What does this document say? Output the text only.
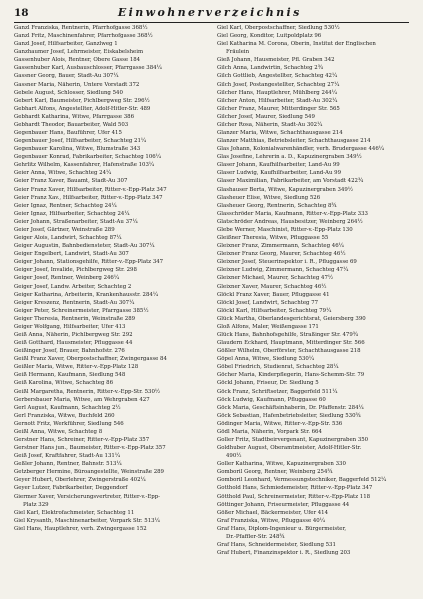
18	Einwohnerverzeichnis
Ganzl Franziska, Rentnerin, Pfarrhofgasse 368½
Ganzl Fritz, Maschinenfahrer, Pfarrhofgasse 368½
Ganzl Josef, Hilfsarbeiter, Ganzlweg 1
Ganzhaumer Josef, Lehrmeister, Eiskabelsheim
Gassenhuber Alois, Rentner, Obere Gasse 184
Gassenhuber Karl, Ausbauschlosser, Pfarrgasse 384¼
Gassner Georg, Bauer, Stadt-Au 307¼
Gassner Maria, Näherin, Untere Vorstadt 372
Gebele August, Schlosser, Siedlung 540
Gebert Karl, Baumeister, Pichlbergweg Str. 296½
Gebhart Alfons, Angestellter, Adolf-Hitler-Str. 489
Gebhardt Katharina, Witwe, Pfarrgasse 386
Gebhardt Theodor, Bauarbeiter, Wald 503
Gegenbauer Hans, Bauführer, Ufer 415
Gegenbauer Josef, Hilfsarbeiter, Schachteg 21¼
Gegenbauer Karolina, Witwe, Blumstraße 343
Gegenbauer Konrad, Fabrikarbeiter, Schachteg 106¼
Gehrlitz Wilhelm, Kassenfahrer, Hafenstraße 103¼
Geier Anna, Witwe, Schachteg 24¼
Geier Franz Xaver, Bauamt, Stadt-Au 307
Geier Franz Xaver, Hilfsarbeiter, Ritter-v.-Epp-Platz 347
Geier Franz Xav., Hilfsarbeiter, Ritter-v.-Epp-Platz 347
Geier Ignaz, Rentner, Schachteg 24¼
Geier Ignaz, Hilfsarbeiter, Schachteg 24¼
Geier Johann, Straßenarbeiter, Stadt-Au 37¼
Geier Josef, Gärtner, Weinstraße 289
Geiger Alois, Landwirt, Schachteg 87¼
Geiger Augustin, Bahnbediensteter, Stadt-Au 307¼
Geiger Engelbert, Landwirt, Stadt-Au 307
Geiger Johann, Stationsgehilfe, Ritter-v.-Epp-Platz 347
Geiger Josef, Invalide, Pichlbergweg Str. 298
Geiger Josef, Rentner, Weinberg 246¼
Geiger Josef, Landw. Arbeiter, Schachteg 2
Geiger Katharina, Arbeiterin, Krankenhausstr. 284¼
Geiger Kreszenz, Rentnerin, Stadt-Au 307¼
Geiger Peter, Schreinermeister, Pfarrgasse 385½
Geiger Theresia, Rentnerin, Weinstraße 289
Geiger Wolfgang, Hilfsarbeiter, Ufer 413
Geiß Anna, Näherin, Pichlbergweg Str. 292
Geiß Gotthard, Hausmeister, Pfluggasse 44
Geißinger Josef, Brauer, Bahnhofstr. 276
Geißl Franz Xaver, Oberpostschaffner, Zwingergasse 84
Geißler Maria, Witwe, Ritter-v.-Epp-Platz 128
Geiß Hermann, Kaufmann, Siedlung 548
Geiß Karolina, Witwe, Schachteg 86
Geißl Margaretha, Rentnerin, Ritter-v.-Epp-Str. 530½
Gerbersbauer Maria, Witwe, am Wehrgraben 427
Gerl August, Kaufmann, Schachteg 2½
Gerl Franziska, Witwe, Buchfeld 260
Gernott Fritz, Werkführer, Siedlung 546
Geißl Anna, Witwe, Schachteg 8
Gerstner Hans, Schreiner, Ritter-v.-Epp-Platz 357
Gerstner Hans jun., Baumeister, Ritter-v.-Epp-Platz 357
Geiß Josef, Kraftfahrer, Stadt-Au 131¼
Geßler Johann, Rentner, Bahnstr. 513¼
Getzberger Hermine, Büroangestellte, Weinstraße 289
Geyer Hubert, Oberlehrer, Zwingerstraße 402¼
Geyer Lutzer, Fabrikarbeiter, Deggendorf
Giermer Xaver, Versicherungsvertreter, Ritter-v.-Epp-
Platz 329
Giel Karl, Elektrofachmeister, Schachteg 11
Giel Krysanth, Maschinenarbeiter, Vorpark Str. 513¼
Giel Hans, Hauptlehrer, verh. Zwingergasse 152
Giel Karl, Oberpostschaffner, Siedlung 530½
Giel Georg, Konditor, Luitpoldplatz 96
Giel Katharina M. Corona, Oberin, Institut der Englischen
Fräulein
Gieß Johann, Hausmeister, Pfl. Graben 342
Gilch Anna, Landwirtin, Schachteg 2¾
Gilch Gottlieb, Angestellter, Schachteg 42¼
Gilch Josef, Postangestellter, Schachteg 27¼
Gilcher Hans, Hauptlehrer, Mühlberg 244¼
Gilcher Anton, Hilfsarbeiter, Stadt-Au 302¼
Gilcher Franz, Maurer, Mitterdinger Str. 565
Gilcher Josef, Maurer, Siedlung 549
Gilcher Rosa, Näherin, Stadt-Au 302¼
Glanzer Maria, Witwe, Schachthausgasse 214
Glanzer Matthias, Betriebsleiter, Schachthausgasse 214
Glas Johann, Kolonialwarenhändler, verh. Brudergasse 446¼
Glas Josefine, Lehrerin a. D., Kapuzinergraben 349½
Glaser Johann, Kaufhilfsarbeiter, Land-Au 99
Glaser Ludwig, Kaufhilfsarbeiter, Land-Au 99
Glaser Maximilian, Fabrikarbeiter, am Vorstadt 422¾
Glashauser Berta, Witwe, Kapuzinergraben 349½
Glasheuer Elise, Witwe, Siedlung 526
Glasheuer Georg, Rentnerin, Schachteg 8¾
Glasschröder Maria, Kaufmann, Ritter-v.-Epp-Platz 333
Glatschröder Andreas, Hausbesitzer, Weinberg 264½
Glebe Werner, Maschinist, Ritter-v.-Epp-Platz 130
Gleißner Theresia, Witwe, Pfluggasse 55
Gleixner Franz, Zimmermann, Schachteg 46¼
Gleixner Franz Georg, Maurer, Schachteg 46½
Gleixner Josef, Steuerinspektor i. R., Pfluggasse 69
Gleixner Ludwig, Zimmermann, Schachteg 47¼
Gleixner Michael, Maurer, Schachteg 47½
Gleixner Xaver, Maurer, Schachteg 46½
Glöckl Franz Xaver, Bauer, Pfluggasse 41
Glöckl Josef, Landwirt, Schachteg 77
Glöckl Karl, Hilfsarbeiter, Schachteg 79¼
Glück Martha, Oberlandesgerichtsrat, Geiersberg 390
Gloß Alfons, Maler, Weißengasse 171
Glück Hans, Bahnhofsgehilfe, Straßinger Str. 479¾
Glaudern Eckhard, Hauptmann, Mitterdinger Str. 566
Gößler Wilhelm, Oberförster, Schachthausgasse 218
Göpel Anna, Witwe, Siedlung 530¼
Göbel Friedrich, Studienrat, Schachteg 28¼
Göcher Maria, Kinderpflegerin, Hans-Schemm-Str. 79
Göckl Johann, Friseur, Dr. Siedlung 5
Göck Franz, Schriftsetzer, Baggerfeld 511¼
Göck Ludwig, Kaufmann, Pfluggasse 60
Göck Maria, Geschäftsinhaberin, Dr. Pfaffenstr. 284¼
Göck Sebastian, Hafenbetriebsleiter, Siedlung 530¾
Gödinger Maria, Witwe, Ritter-v.-Epp-Str. 536
Gödl Maria, Näherin, Vorpark Str. 664
Goller Fritz, Stadtbeirvergenant, Kapuzinergraben 350
Goldhuber August, Oberamtmeister, Adolf-Hitler-Str.
490½
Goller Katharina, Witwe, Kapuzinergraben 330
Gomboril Georg, Rentner, Weinberg 254¾
Gomboril Leonhard, Vermessungstechniker, Baggerfeld 512¼
Gotthold Hans, Schmiedemeister, Ritter-v.-Epp-Platz 347
Götthold Paul, Schreinermeister, Ritter-v.-Epp-Platz 118
Göttinger Johann, Friseurmeister, Pfluggasse 44
Gößer Michael, Bäckermeister, Ufer 414
Graf Franziska, Witwe, Pfluggasse 40¼
Graf Hans, Diplom-Ingenieur u. Bürgermeister,
Dr.-Pfaffler-Str. 248¾
Graf Hans, Schneidermeister, Siedlung 531
Graf Hubert, Finanzinspektor i. R., Siedlung 203
